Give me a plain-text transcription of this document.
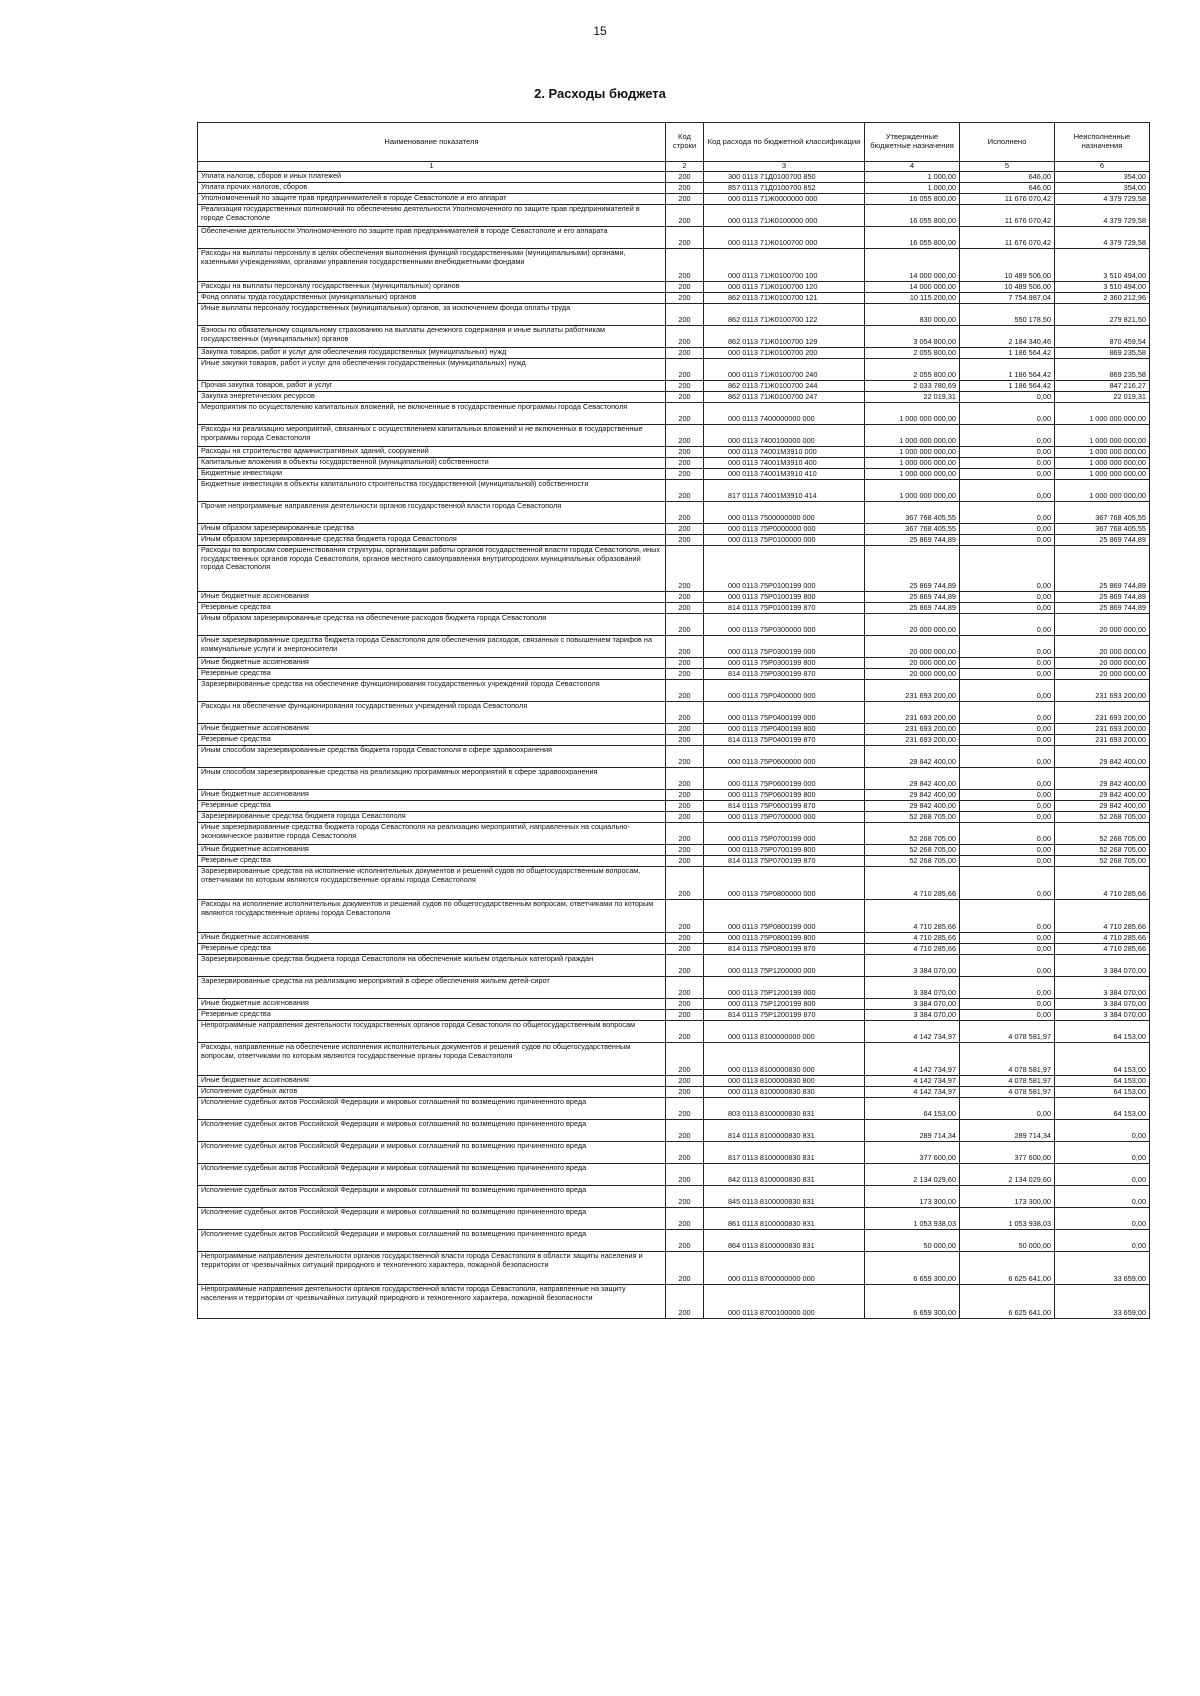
15
2. Расходы бюджета
Наименование показателя	Код строки	Код расхода по бюджетной классификации	Утвержденные бюджетные назначения	Исполнено	Неисполненные назначения
1	2	3	4	5	6
Уплата налогов, сборов и иных платежей	200	300 0113 71Д0100700 850	1 000,00	646,00	354,00
Уплата прочих налогов, сборов	200	857 0113 71Д0100700 852	1 000,00	646,00	354,00
Уполномоченный по защите прав предпринимателей в городе Севастополе и его аппарат	200	000 0113 71Ж0000000 000	16 055 800,00	11 676 070,42	4 379 729,58
Реализация государственных полномочий по обеспечению деятельности Уполномоченного по защите прав предпринимателей в городе Севастополе	200	000 0113 71Ж0100000 000	16 055 800,00	11 676 070,42	4 379 729,58
Обеспечение деятельности Уполномоченного по защите прав предпринимателей в городе Севастополе и его аппарата	200	000 0113 71Ж0100700 000	16 055 800,00	11 676 070,42	4 379 729,58
Расходы на выплаты персоналу в целях обеспечения выполнения функций государственными (муниципальными) органами, казенными учреждениями, органами управления государственными внебюджетными фондами	200	000 0113 71Ж0100700 100	14 000 000,00	10 489 506,00	3 510 494,00
Расходы на выплаты персоналу государственных (муниципальных) органов	200	000 0113 71Ж0100700 120	14 000 000,00	10 489 506,00	3 510 494,00
Фонд оплаты труда государственных (муниципальных) органов	200	862 0113 71Ж0100700 121	10 115 200,00	7 754 987,04	2 360 212,96
Иные выплаты персоналу государственных (муниципальных) органов, за исключением фонда оплаты труда	200	862 0113 71Ж0100700 122	830 000,00	550 178,50	279 821,50
Взносы по обязательному социальному страхованию на выплаты денежного содержания и иные выплаты работникам государственных (муниципальных) органов	200	862 0113 71Ж0100700 129	3 054 800,00	2 184 340,46	870 459,54
Закупка товаров, работ и услуг для обеспечения государственных (муниципальных) нужд	200	000 0113 71Ж0100700 200	2 055 800,00	1 186 564,42	869 235,58
Иные закупки товаров, работ и услуг для обеспечения государственных (муниципальных) нужд	200	000 0113 71Ж0100700 240	2 055 800,00	1 186 564,42	869 235,58
Прочая закупка товаров, работ и услуг	200	862 0113 71Ж0100700 244	2 033 780,69	1 186 564,42	847 216,27
Закупка энергетических ресурсов	200	862 0113 71Ж0100700 247	22 019,31	0,00	22 019,31
Мероприятия по осуществлению капитальных вложений, не включенные в государственные программы города Севастополя	200	000 0113 7400000000 000	1 000 000 000,00	0,00	1 000 000 000,00
Расходы на реализацию мероприятий, связанных с осуществлением капитальных вложений и не включенных в государственные программы города Севастополя	200	000 0113 7400100000 000	1 000 000 000,00	0,00	1 000 000 000,00
Расходы на строительство административных зданий, сооружений	200	000 0113 74001M3910 000	1 000 000 000,00	0,00	1 000 000 000,00
Капитальные вложения в объекты государственной (муниципальной) собственности	200	000 0113 74001M3910 400	1 000 000 000,00	0,00	1 000 000 000,00
Бюджетные инвестиции	200	000 0113 74001M3910 410	1 000 000 000,00	0,00	1 000 000 000,00
Бюджетные инвестиции в объекты капитального строительства государственной (муниципальной) собственности	200	817 0113 74001M3910 414	1 000 000 000,00	0,00	1 000 000 000,00
Прочие непрограммные направления деятельности органов государственной власти города Севастополя	200	000 0113 7500000000 000	367 768 405,55	0,00	367 768 405,55
Иным образом зарезервированные средства	200	000 0113 75P0000000 000	367 768 405,55	0,00	367 768 405,55
Иным образом зарезервированные средства бюджета города Севастополя	200	000 0113 75P0100000 000	25 869 744,89	0,00	25 869 744,89
Расходы по вопросам совершенствования структуры, организации работы органов государственной власти города Севастополя, иных государственных органов города Севастополя, органов местного самоуправления внутригородских муниципальных образований города Севастополя	200	000 0113 75P0100199 000	25 869 744,89	0,00	25 869 744,89
Иные бюджетные ассигнования	200	000 0113 75P0100199 800	25 869 744,89	0,00	25 869 744,89
Резервные средства	200	814 0113 75P0100199 870	25 869 744,89	0,00	25 869 744,89
Иным образом зарезервированные средства на обеспечение расходов бюджета города Севастополя	200	000 0113 75P0300000 000	20 000 000,00	0,00	20 000 000,00
Иные зарезервированные средства бюджета города Севастополя для обеспечения расходов, связанных с повышением тарифов на коммунальные услуги и энергоносители	200	000 0113 75P0300199 000	20 000 000,00	0,00	20 000 000,00
Иные бюджетные ассигнования	200	000 0113 75P0300199 800	20 000 000,00	0,00	20 000 000,00
Резервные средства	200	814 0113 75P0300199 870	20 000 000,00	0,00	20 000 000,00
Зарезервированные средства на обеспечение функционирования государственных учреждений города Севастополя	200	000 0113 75P0400000 000	231 693 200,00	0,00	231 693 200,00
Расходы на обеспечение функционирования государственных учреждений города Севастополя	200	000 0113 75P0400199 000	231 693 200,00	0,00	231 693 200,00
Иные бюджетные ассигнования	200	000 0113 75P0400199 800	231 693 200,00	0,00	231 693 200,00
Резервные средства	200	814 0113 75P0400199 870	231 693 200,00	0,00	231 693 200,00
Иным способом зарезервированные средства бюджета города Севастополя в сфере здравоохранения	200	000 0113 75P0600000 000	29 842 400,00	0,00	29 842 400,00
Иным способом зарезервированные средства на реализацию программных мероприятий в сфере здравоохранения	200	000 0113 75P0600199 000	29 842 400,00	0,00	29 842 400,00
Иные бюджетные ассигнования	200	000 0113 75P0600199 800	29 842 400,00	0,00	29 842 400,00
Резервные средства	200	814 0113 75P0600199 870	29 842 400,00	0,00	29 842 400,00
Зарезервированные средства бюджета города Севастополя	200	000 0113 75P0700000 000	52 268 705,00	0,00	52 268 705,00
Иные зарезервированные средства бюджета города Севастополя на реализацию мероприятий, направленных на социально-экономическое развитие города Севастополя	200	000 0113 75P0700199 000	52 268 705,00	0,00	52 268 705,00
Иные бюджетные ассигнования	200	000 0113 75P0700199 800	52 268 705,00	0,00	52 268 705,00
Резервные средства	200	814 0113 75P0700199 870	52 268 705,00	0,00	52 268 705,00
Зарезервированные средства на исполнение исполнительных документов и решений судов по общегосударственным вопросам, ответчиками по которым являются государственные органы города Севастополя	200	000 0113 75P0800000 000	4 710 285,66	0,00	4 710 285,66
Расходы на исполнение исполнительных документов и решений судов по общегосударственным вопросам, ответчиками по которым являются государственные органы города Севастополя	200	000 0113 75P0800199 000	4 710 285,66	0,00	4 710 285,66
Иные бюджетные ассигнования	200	000 0113 75P0800199 800	4 710 285,66	0,00	4 710 285,66
Резервные средства	200	814 0113 75P0800199 870	4 710 285,66	0,00	4 710 285,66
Зарезервированные средства бюджета города Севастополя на обеспечение жильем отдельных категорий граждан	200	000 0113 75P1200000 000	3 384 070,00	0,00	3 384 070,00
Зарезервированные средства на реализацию мероприятий в сфере обеспечения жильем детей-сирот	200	000 0113 75P1200199 000	3 384 070,00	0,00	3 384 070,00
Иные бюджетные ассигнования	200	000 0113 75P1200199 800	3 384 070,00	0,00	3 384 070,00
Резервные средства	200	814 0113 75P1200199 870	3 384 070,00	0,00	3 384 070,00
Непрограммные направления деятельности государственных органов города Севастополя по общегосударственным вопросам	200	000 0113 8100000000 000	4 142 734,97	4 078 581,97	64 153,00
Расходы, направленные на обеспечение исполнения исполнительных документов и решений судов по общегосударственным вопросам, ответчиками по которым являются государственные органы города Севастополя	200	000 0113 8100000830 000	4 142 734,97	4 078 581,97	64 153,00
Иные бюджетные ассигнования	200	000 0113 8100000830 800	4 142 734,97	4 078 581,97	64 153,00
Исполнение судебных актов	200	000 0113 8100000830 830	4 142 734,97	4 078 581,97	64 153,00
Исполнение судебных актов Российской Федерации и мировых соглашений по возмещению причиненного вреда	200	803 0113 8100000830 831	64 153,00	0,00	64 153,00
Исполнение судебных актов Российской Федерации и мировых соглашений по возмещению причиненного вреда	200	814 0113 8100000830 831	289 714,34	289 714,34	0,00
Исполнение судебных актов Российской Федерации и мировых соглашений по возмещению причиненного вреда	200	817 0113 8100000830 831	377 600,00	377 600,00	0,00
Исполнение судебных актов Российской Федерации и мировых соглашений по возмещению причиненного вреда	200	842 0113 8100000830 831	2 134 029,60	2 134 029,60	0,00
Исполнение судебных актов Российской Федерации и мировых соглашений по возмещению причиненного вреда	200	845 0113 8100000830 831	173 300,00	173 300,00	0,00
Исполнение судебных актов Российской Федерации и мировых соглашений по возмещению причиненного вреда	200	861 0113 8100000830 831	1 053 938,03	1 053 938,03	0,00
Исполнение судебных актов Российской Федерации и мировых соглашений по возмещению причиненного вреда	200	864 0113 8100000830 831	50 000,00	50 000,00	0,00
Непрограммные направления деятельности органов государственной власти города Севастополя в области защиты населения и территории от чрезвычайных ситуаций природного и техногенного характера, пожарной безопасности	200	000 0113 8700000000 000	6 659 300,00	6 625 641,00	33 659,00
Непрограммные направления деятельности органов государственной власти города Севастополя, направленные на защиту населения и территории от чрезвычайных ситуаций природного и техногенного характера, пожарной безопасности	200	000 0113 8700100000 000	6 659 300,00	6 625 641,00	33 659,00
